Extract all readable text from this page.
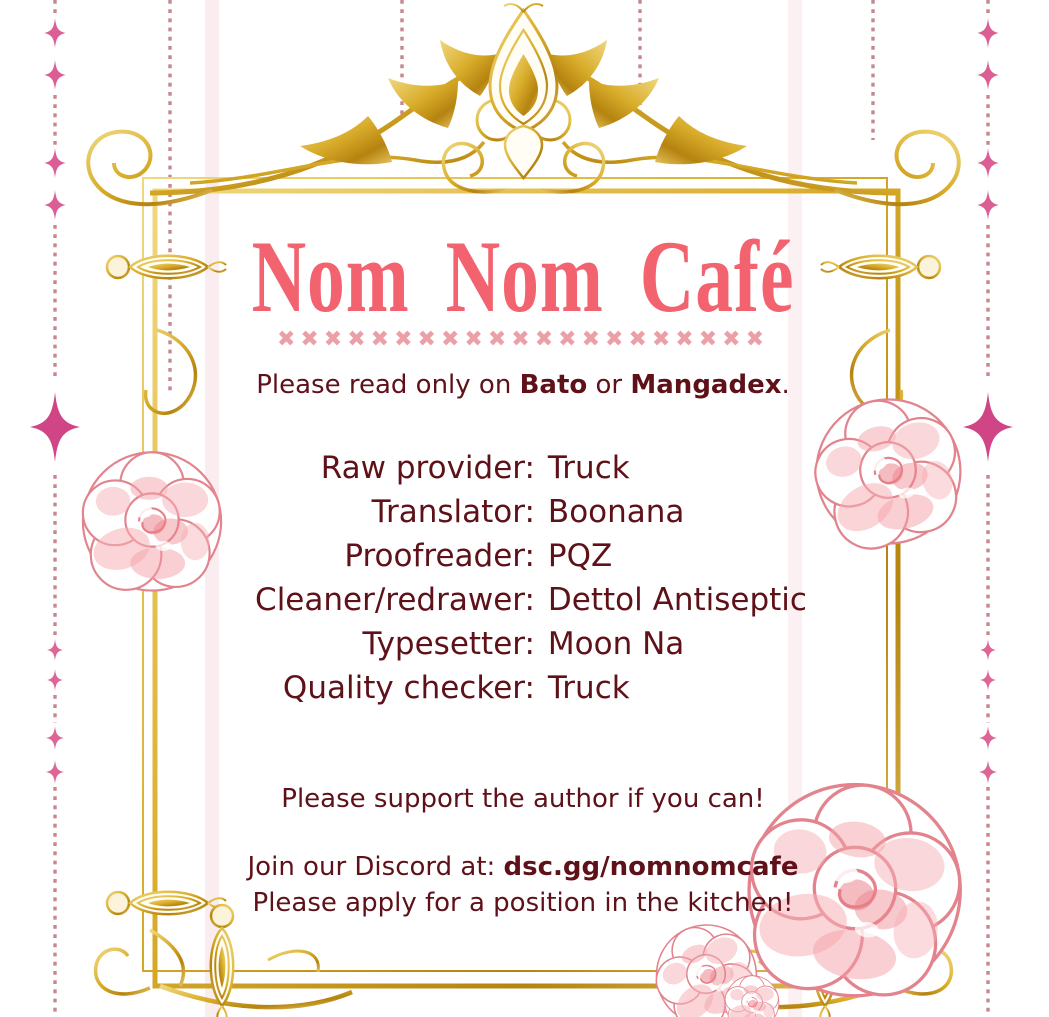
Nom Nom Café
✖✖✖✖✖✖✖✖✖✖✖✖✖✖✖✖✖✖✖✖✖

Please read only on Bato or Mangadex.

Raw provider: Truck
Translator: Boonana
Proofreader: PQZ
Cleaner/redrawer: Dettol Antiseptic
Typesetter: Moon Na
Quality checker: Truck

Please support the author if you can!

Join our Discord at: dsc.gg/nomnomcafe

Please apply for a position in the kitchen!
